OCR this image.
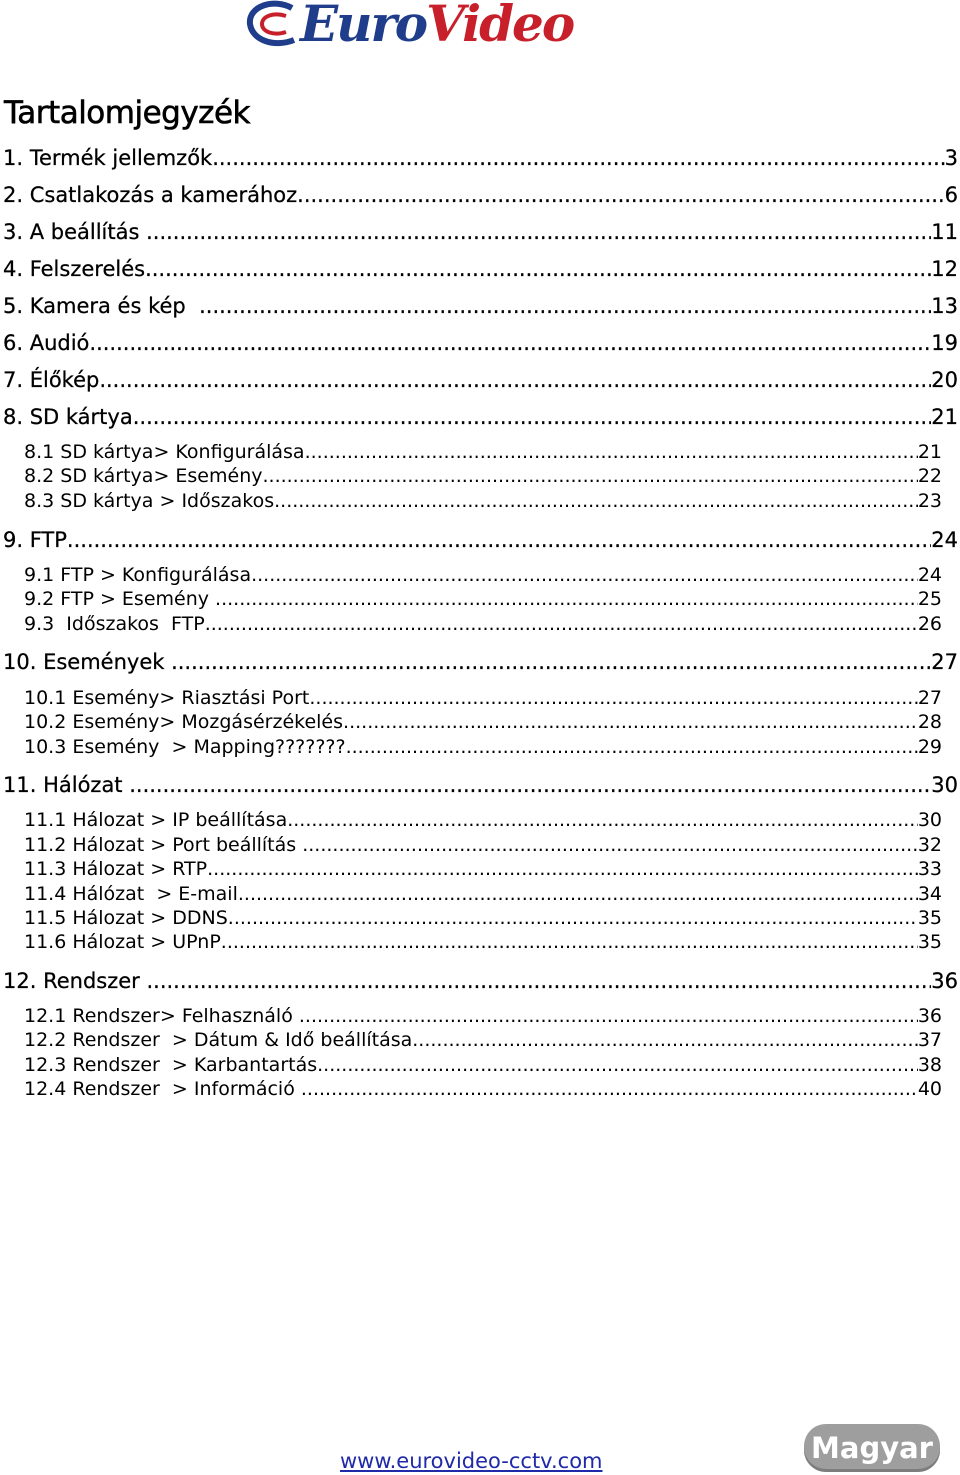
EuroVideo
Tartalomjegyzék
1. Termék jellemzők .....	3
2. Csatlakozás a kamerához .....	6
3. A beállítás .....	11
4. Felszerelés .....	12
5. Kamera és kép .....	13
6. Audió .....	19
7. Élőkép .....	20
8. SD kártya .....	21
8.1 SD kártya> Konfigurálása .....	21
8.2 SD kártya> Esemény .....	22
8.3 SD kártya > Időszakos .....	23
9. FTP .....	24
9.1 FTP > Konfigurálása .....	24
9.2 FTP > Esemény .....	25
9.3  Időszakos  FTP .....	26
10. Események .....	27
10.1 Esemény> Riasztási Port .....	27
10.2 Esemény> Mozgásérzékelés .....	28
10.3 Esemény  > Mapping??????? .....	29
11. Hálózat .....	30
11.1 Hálozat > IP beállítása .....	30
11.2 Hálozat > Port beállítás .....	32
11.3 Hálozat > RTP .....	33
11.4 Hálózat  > E-mail .....	34
11.5 Hálozat > DDNS .....	35
11.6 Hálozat > UPnP .....	35
12. Rendszer .....	36
12.1 Rendszer> Felhasználó .....	36
12.2 Rendszer  > Dátum & Idő beállítása .....	37
12.3 Rendszer  > Karbantartás .....	38
12.4 Rendszer  > Információ .....	40
www.eurovideo-cctv.com	Magyar
